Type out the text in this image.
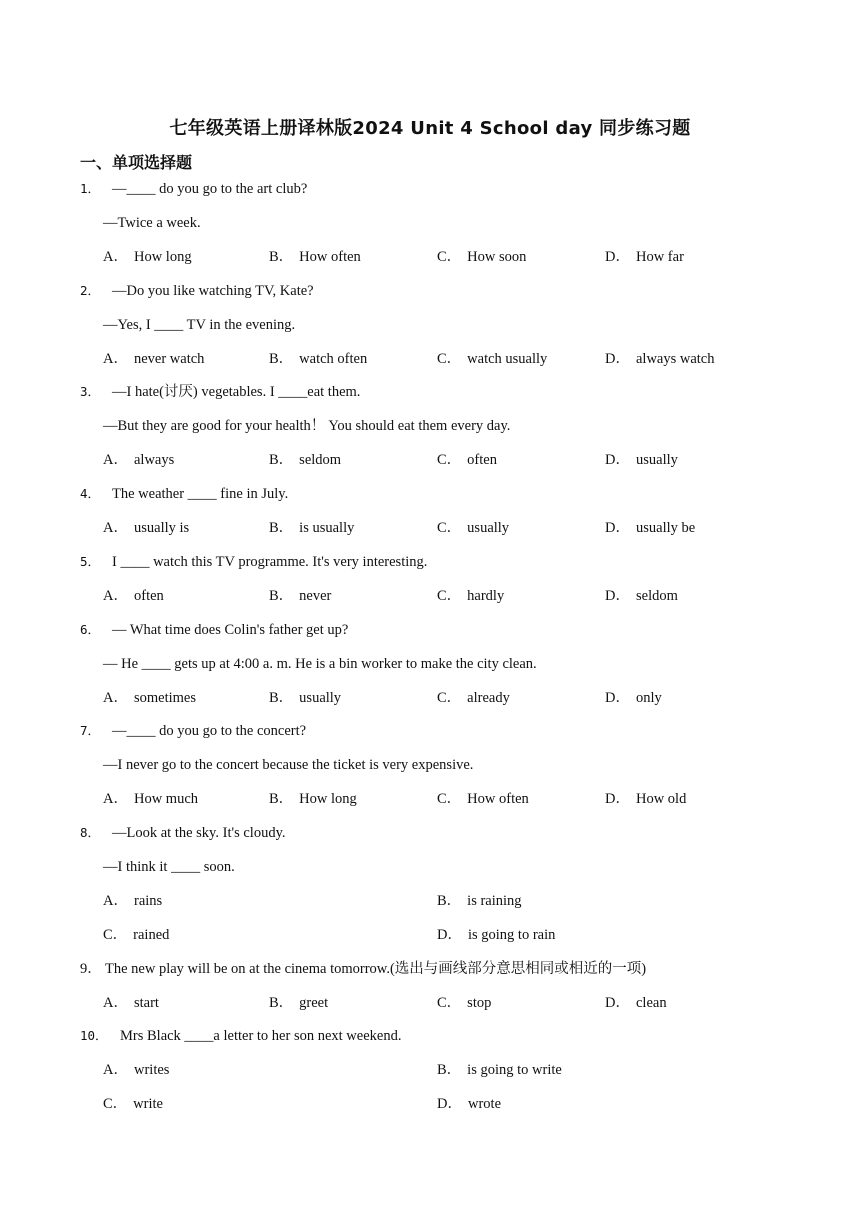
七年级英语上册译林版2024 Unit 4 School day 同步练习题
一、单项选择题
1． —____ do you go to the art club?
—Twice a week.
A． How long	B． How often	C． How soon	D． How far
2． —Do you like watching TV, Kate?
—Yes, I ____ TV in the evening.
A． never watch	B． watch often	C． watch usually	D． always watch
3． —I hate(讨厌) vegetables. I ____eat them.
—But they are good for your health！ You should eat them every day.
A． always	B． seldom	C． often	D． usually
4． The weather ____ fine in July.
A． usually is	B． is usually	C． usually	D． usually be
5． I ____ watch this TV programme. It's very interesting.
A． often	B． never	C． hardly	D． seldom
6． — What time does Colin's father get up?
— He ____ gets up at 4:00 a. m. He is a bin worker to make the city clean.
A． sometimes	B． usually	C． already	D． only
7． —____ do you go to the concert?
—I never go to the concert because the ticket is very expensive.
A． How much	B． How long	C． How often	D． How old
8． —Look at the sky. It's cloudy.
—I think it ____ soon.
A． rains	B． is raining
C． rained	D． is going to rain
9． The new play will be on at the cinema tomorrow.(选出与画线部分意思相同或相近的一项)
A． start	B． greet	C． stop	D． clean
10． Mrs Black ____a letter to her son next weekend.
A． writes	B． is going to write
C． write	D． wrote
